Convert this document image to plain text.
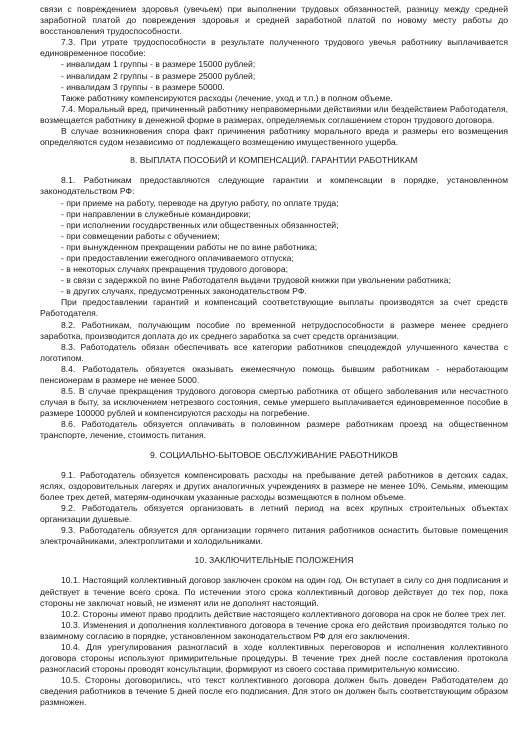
связи с повреждением здоровья (увечьем) при выполнении трудовых обязанностей, разницу между средней заработной платой до повреждения здоровья и средней заработной платой по новому месту работы до восстановления трудоспособности.

7.3. При утрате трудоспособности в результате полученного трудового увечья работнику выплачивается единовременное пособие:

- инвалидам 1 группы - в размере 15000 рублей;

- инвалидам 2 группы - в размере 25000 рублей;

- инвалидам 3 группы - в размере 50000.

Также работнику компенсируются расходы (лечение, уход и т.п.) в полном объеме.

7.4. Моральный вред, причиненный работнику неправомерными действиями или бездействием Работодателя, возмещается работнику в денежной форме в размерах, определяемых соглашением сторон трудового договора.

В случае возникновения спора факт причинения работнику морального вреда и размеры его возмещения определяются судом независимо от подлежащего возмещению имущественного ущерба.

8. ВЫПЛАТА ПОСОБИЙ И КОМПЕНСАЦИЙ. ГАРАНТИИ РАБОТНИКАМ

8.1. Работникам предоставляются следующие гарантии и компенсации в порядке, установленном законодательством РФ:

- при приеме на работу, переводе на другую работу, по оплате труда;

- при направлении в служебные командировки;

- при исполнении государственных или общественных обязанностей;

- при совмещении работы с обучением;

- при вынужденном прекращении работы не по вине работника;

- при предоставлении ежегодного оплачиваемого отпуска;

- в некоторых случаях прекращения трудового договора;

- в связи с задержкой по вине Работодателя выдачи трудовой книжки при увольнении работника;

- в других случаях, предусмотренных законодательством РФ.

При предоставлении гарантий и компенсаций соответствующие выплаты производятся за счет средств Работодателя.

8.2. Работникам, получающим пособие по временной нетрудоспособности в размере менее среднего заработка, производится доплата до их среднего заработка за счет средств организации.

8.3. Работодатель обязан обеспечивать все категории работников спецодеждой улучшенного качества с логотипом.

8.4. Работодатель обязуется оказывать ежемесячную помощь бывшим работникам - неработающим пенсионерам в размере не менее 5000.

8.5. В случае прекращения трудового договора смертью работника от общего заболевания или несчастного случая в быту, за исключением нетрезвого состояния, семье умершего выплачивается единовременное пособие в размере 100000 рублей и компенсируются расходы на погребение.

8.6. Работодатель обязуется оплачивать в половинном размере работникам проезд на общественном транспорте, лечение, стоимость питания.

9. СОЦИАЛЬНО-БЫТОВОЕ ОБСЛУЖИВАНИЕ РАБОТНИКОВ

9.1. Работодатель обязуется компенсировать расходы на пребывание детей работников в детских садах, яслях, оздоровительных лагерях и других аналогичных учреждениях в размере не менее 10%. Семьям, имеющим более трех детей, матерям-одиночкам указанные расходы возмещаются в полном объеме.

9.2. Работодатель обязуется организовать в летний период на всех крупных строительных объектах организации душевые.

9.3. Работодатель обязуется для организации горячего питания работников оснастить бытовые помещения электрочайниками, электроплитами и холодильниками.

10. ЗАКЛЮЧИТЕЛЬНЫЕ ПОЛОЖЕНИЯ

10.1. Настоящий коллективный договор заключен сроком на один год. Он вступает в силу со дня подписания и действует в течение всего срока. По истечении этого срока коллективный договор действует до тех пор, пока стороны не заключат новый, не изменят или не дополнят настоящий.

10.2. Стороны имеют право продлить действие настоящего коллективного договора на срок не более трех лет.

10.3. Изменения и дополнения коллективного договора в течение срока его действия производятся только по взаимному согласию в порядке, установленном законодательством РФ для его заключения.

10.4. Для урегулирования разногласий в ходе коллективных переговоров и исполнения коллективного договора стороны используют примирительные процедуры. В течение трех дней после составления протокола разногласий стороны проводят консультации, формируют из своего состава примирительную комиссию.

10.5. Стороны договорились, что текст коллективного договора должен быть доведен Работодателем до сведения работников в течение 5 дней после его подписания. Для этого он должен быть соответствующим образом размножен.
